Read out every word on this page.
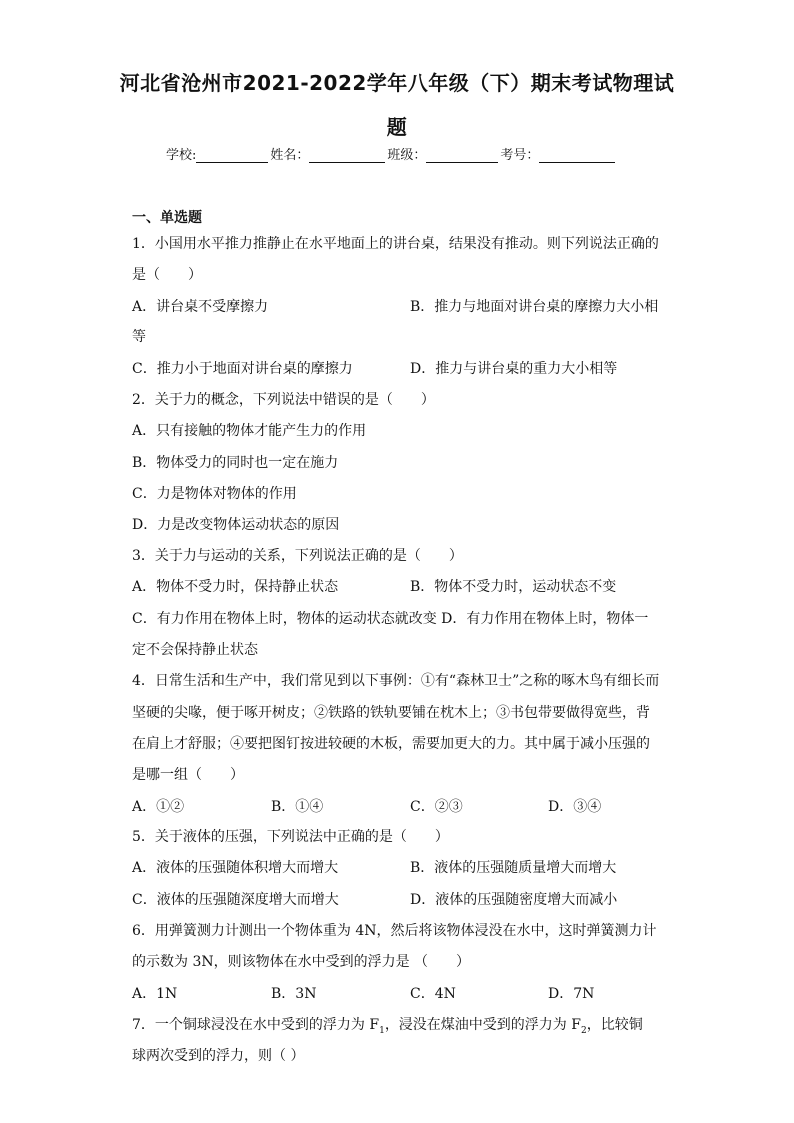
河北省沧州市2021-2022学年八年级（下）期末考试物理试
题
学校:	姓名：	班级：	考号：
一、单选题
1．小国用水平推力推静止在水平地面上的讲台桌，结果没有推动。则下列说法正确的
是（　　）
A．讲台桌不受摩擦力	B．推力与地面对讲台桌的摩擦力大小相
等
C．推力小于地面对讲台桌的摩擦力	D．推力与讲台桌的重力大小相等
2．关于力的概念，下列说法中错误的是（　　）
A．只有接触的物体才能产生力的作用
B．物体受力的同时也一定在施力
C．力是物体对物体的作用
D．力是改变物体运动状态的原因
3．关于力与运动的关系，下列说法正确的是（　　）
A．物体不受力时，保持静止状态	B．物体不受力时，运动状态不变
C．有力作用在物体上时，物体的运动状态就改变 D．有力作用在物体上时，物体一
定不会保持静止状态
4．日常生活和生产中，我们常见到以下事例：①有“森林卫士”之称的啄木鸟有细长而
坚硬的尖喙，便于啄开树皮；②铁路的铁轨要铺在枕木上；③书包带要做得宽些，背
在肩上才舒服；④要把图钉按进较硬的木板，需要加更大的力。其中属于减小压强的
是哪一组（　　）
A．①②	B．①④	C．②③	D．③④
5．关于液体的压强，下列说法中正确的是（　　）
A．液体的压强随体积增大而增大	B．液体的压强随质量增大而增大
C．液体的压强随深度增大而增大	D．液体的压强随密度增大而减小
6．用弹簧测力计测出一个物体重为 4N，然后将该物体浸没在水中，这时弹簧测力计
的示数为 3N，则该物体在水中受到的浮力是 （　　）
A．1N	B．3N	C．4N	D．7N
7．一个铜球浸没在水中受到的浮力为 $F_1$，浸没在煤油中受到的浮力为 $F_2$，比较铜
球两次受到的浮力，则（ ）
